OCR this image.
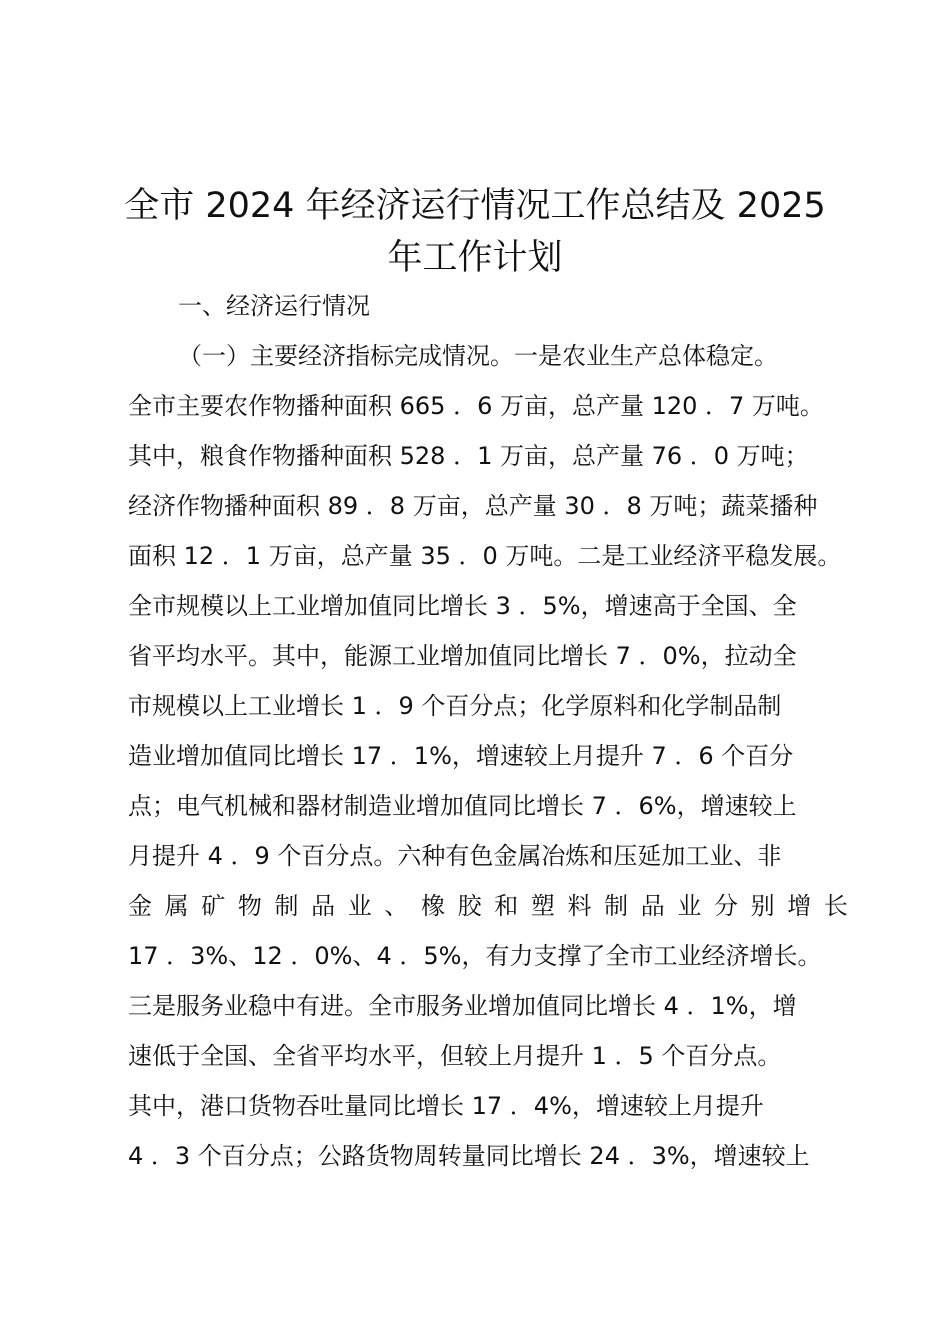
全市 2024 年经济运行情况工作总结及 2025
年工作计划
一、经济运行情况
（一）主要经济指标完成情况。一是农业生产总体稳定。
全市主要农作物播种面积 665 ．6 万亩，总产量 120 ．7 万吨。
其中，粮食作物播种面积 528 ．1 万亩，总产量 76 ．0 万吨；
经济作物播种面积 89 ．8 万亩，总产量 30 ．8 万吨；蔬菜播种
面积 12 ．1 万亩，总产量 35 ．0 万吨。二是工业经济平稳发展。
全市规模以上工业增加值同比增长 3 ．5%，增速高于全国、全
省平均水平。其中，能源工业增加值同比增长 7 ．0%，拉动全
市规模以上工业增长 1 ．9 个百分点；化学原料和化学制品制
造业增加值同比增长 17 ．1%，增速较上月提升 7 ．6 个百分
点；电气机械和器材制造业增加值同比增长 7 ．6%，增速较上
月提升 4 ．9 个百分点。六种有色金属冶炼和压延加工业、非
金 属 矿 物 制 品 业 、 橡 胶 和 塑 料 制 品 业 分 别 增 长
17 ．3%、12 ．0%、4 ．5%，有力支撑了全市工业经济增长。
三是服务业稳中有进。全市服务业增加值同比增长 4 ．1%，增
速低于全国、全省平均水平，但较上月提升 1 ．5 个百分点。
其中，港口货物吞吐量同比增长 17 ．4%，增速较上月提升
4 ．3 个百分点；公路货物周转量同比增长 24 ．3%，增速较上
